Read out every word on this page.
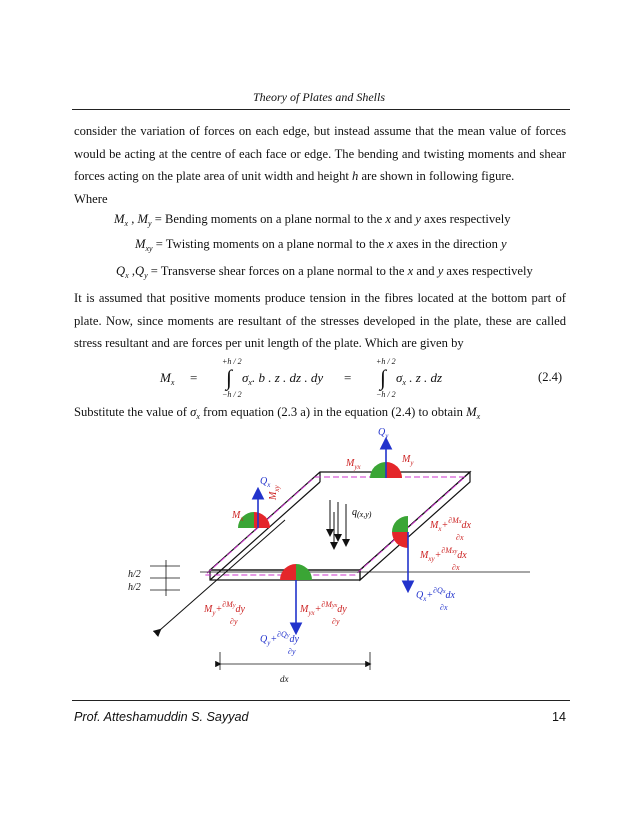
Theory of Plates and Shells
consider the variation of forces on each edge, but instead assume that the mean value of forces
would be acting at the centre of each face or edge. The bending and twisting moments and shear
forces acting on the plate area of unit width and height h are shown in following figure.
Where
$M_x$ , $M_y$ = Bending moments on a plane normal to the x and y axes respectively
$M_{xy}$ = Twisting moments on a plane normal to the x axes in the direction y
$Q_x$ $,Q_y$ = Transverse shear forces on a plane normal to the x and y axes respectively
It is assumed that positive moments produce tension in the fibres located at the bottom part of
plate. Now, since moments are resultant of the stresses developed in the plate, these are called
stress resultant and are forces per unit length of the plate. Which are given by
$M_x$ =
+h / 2
∫
−h / 2
$\sigma_x$. b . z . dz . dy =
+h / 2
∫
−h / 2
$\sigma_x$ . z . dz	(2.4)
Substitute the value of $\sigma_x$ from equation (2.3 a) in the equation (2.4) to obtain $M_x$
$q_{(x,y)}$
$Q_y$
$M_{yx}$
$M_y$
$Q_x$
$M_{xy}$
$M_x$
$M_x+^{\partial M}xdx$
∂x
$M_{xy}+^{\partial M}xydx$
∂x
h/2
h/2
$Q_x+^{\partial Q}xdx$
∂x
$M_y+^{\partial M}ydy$
∂y
$M_{yx}+^{\partial M}yxdy$
∂y
$Q_y+^{\partial Q}ydy$
∂y
dx
Prof. Atteshamuddin S. Sayyad	14
